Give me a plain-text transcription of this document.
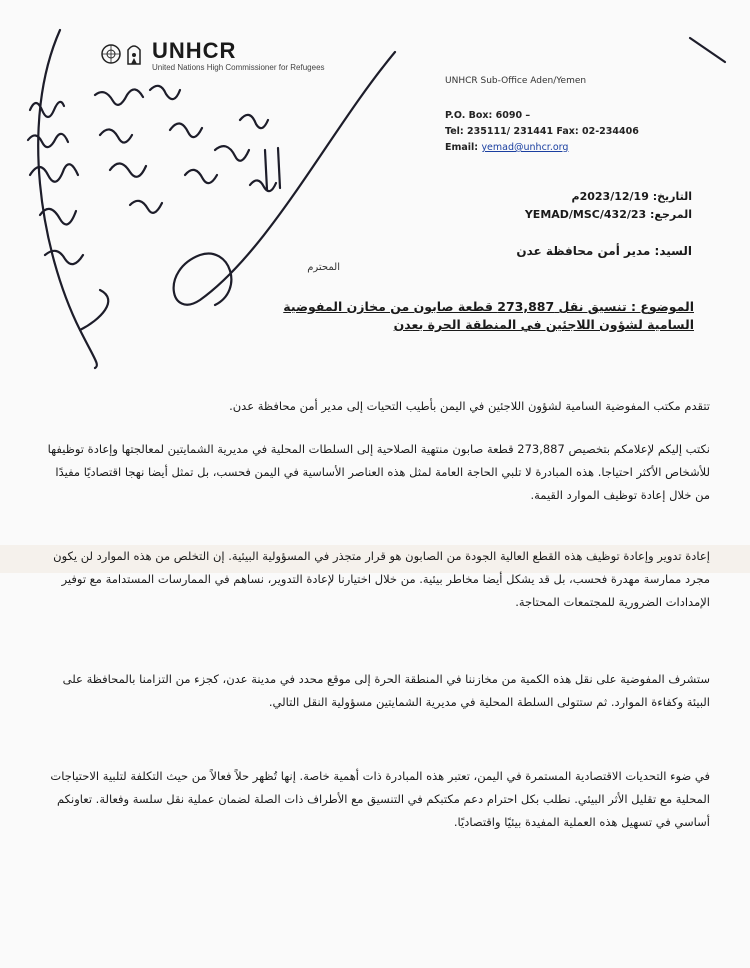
UNHCR
United Nations High Commissioner for Refugees
UNHCR Sub-Office Aden/Yemen
P.O. Box: 6090 –
Tel: 235111/ 231441 Fax: 02-234406
Email: yemad@unhcr.org
التاريخ: 2023/12/19م
المرجع: 23/YEMAD/MSC/432
السيد: مدير أمن محافظة عدن
المحترم
الموضوع : تنسيق نقل 273,887 قطعة صابون من مخازن المفوضية السامية لشؤون اللاجئين في المنطقة الحرة بعدن
تتقدم مكتب المفوضية السامية لشؤون اللاجئين في اليمن بأطيب التحيات إلى مدير أمن محافظة عدن.
نكتب إليكم لإعلامكم بتخصيص 273,887 قطعة صابون منتهية الصلاحية إلى السلطات المحلية في مديرية الشمايتين لمعالجتها وإعادة توظيفها للأشخاص الأكثر احتياجا. هذه المبادرة لا تلبي الحاجة العامة لمثل هذه العناصر الأساسية في اليمن فحسب، بل تمثل أيضا نهجا اقتصاديًا مفيدًا من خلال إعادة توظيف الموارد القيمة.
إعادة تدوير وإعادة توظيف هذه القطع العالية الجودة من الصابون هو قرار متجذر في المسؤولية البيئية. إن التخلص من هذه الموارد لن يكون مجرد ممارسة مهدرة فحسب، بل قد يشكل أيضا مخاطر بيئية. من خلال اختيارنا لإعادة التدوير، نساهم في الممارسات المستدامة مع توفير الإمدادات الضرورية للمجتمعات المحتاجة.
ستشرف المفوضية على نقل هذه الكمية من مخازننا في المنطقة الحرة إلى موقع محدد في مدينة عدن، كجزء من التزامنا بالمحافظة على البيئة وكفاءة الموارد. ثم ستتولى السلطة المحلية في مديرية الشمايتين مسؤولية النقل التالي.
في ضوء التحديات الاقتصادية المستمرة في اليمن، تعتبر هذه المبادرة ذات أهمية خاصة. إنها تُظهر حلاً فعالاً من حيث التكلفة لتلبية الاحتياجات المحلية مع تقليل الأثر البيئي. نطلب بكل احترام دعم مكتبكم في التنسيق مع الأطراف ذات الصلة لضمان عملية نقل سلسة وفعالة. تعاونكم أساسي في تسهيل هذه العملية المفيدة بيئيًا واقتصاديًا.
